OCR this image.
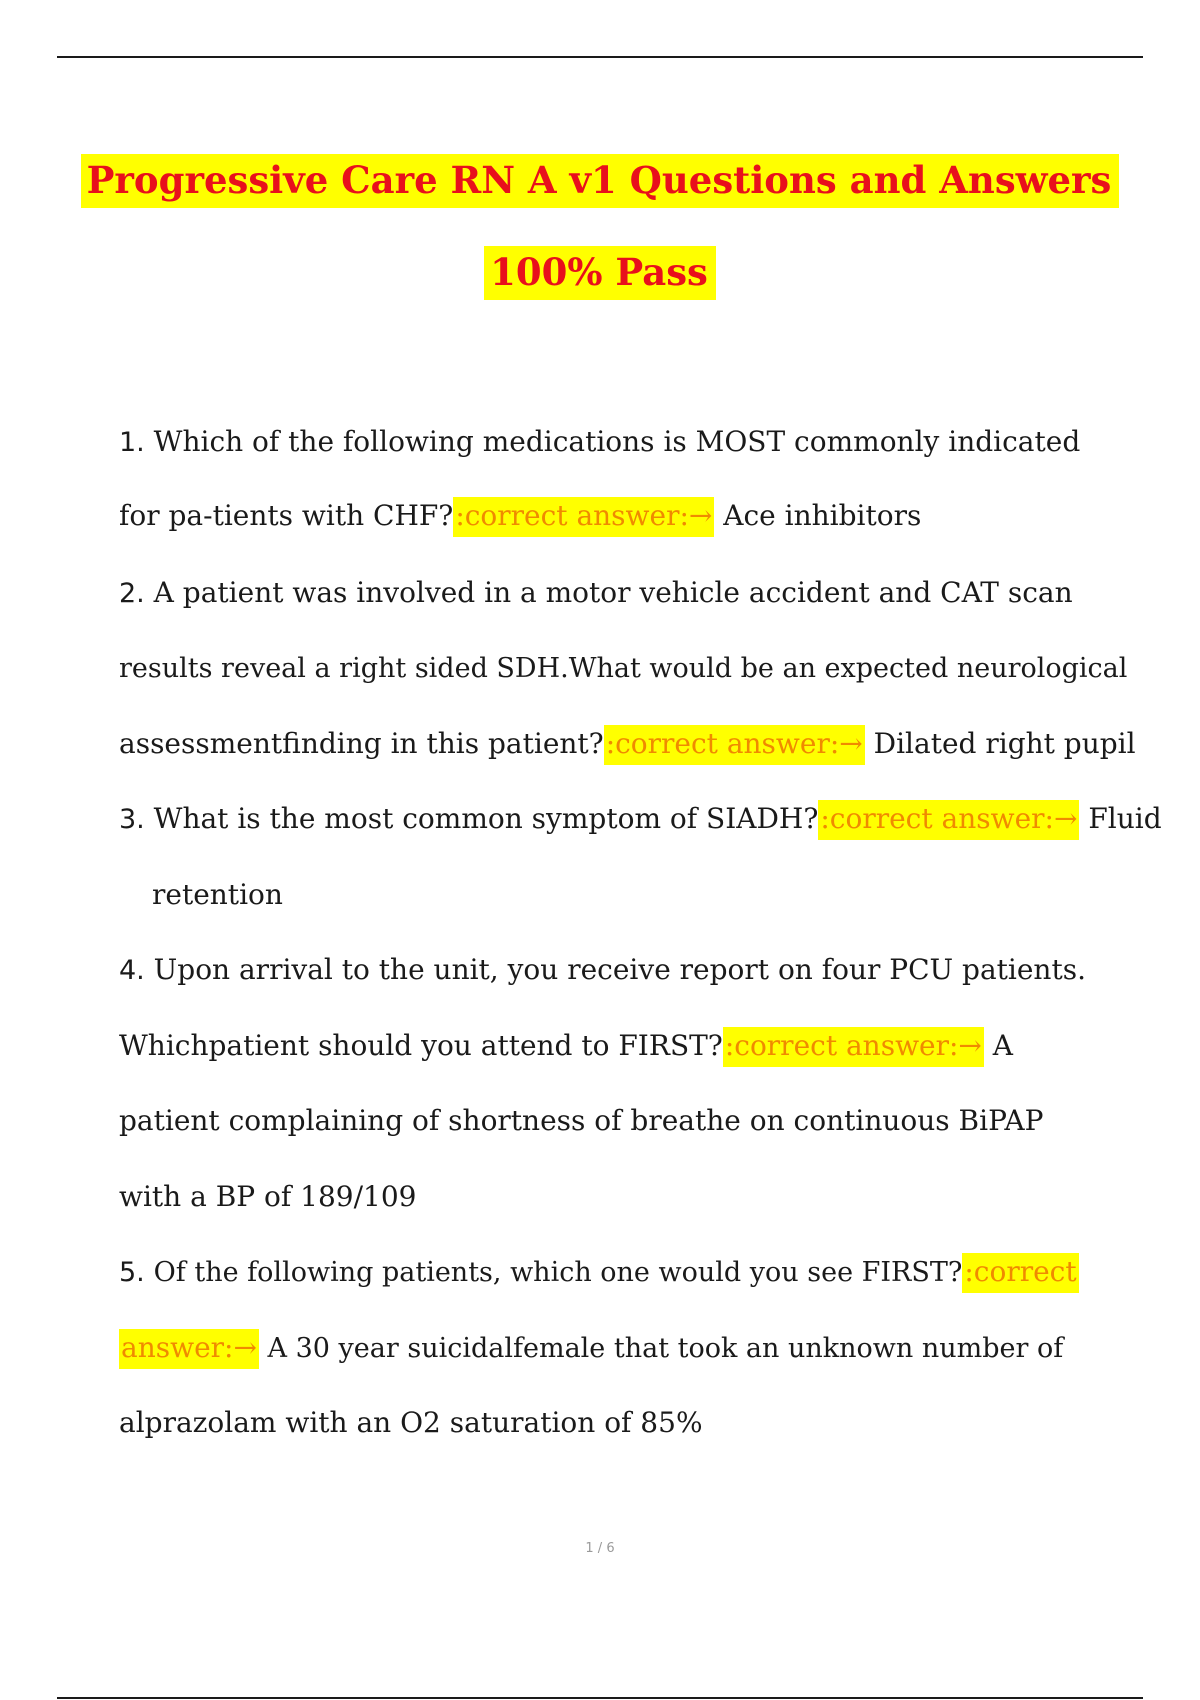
Progressive Care RN A v1 Questions and Answers
100% Pass
1. Which of the following medications is MOST commonly indicated
for pa-tients with CHF?:correct answer:→ Ace inhibitors
2. A patient was involved in a motor vehicle accident and CAT scan
results reveal a right sided SDH.What would be an expected neurological
assessmentfinding in this patient?:correct answer:→ Dilated right pupil
3. What is the most common symptom of SIADH?:correct answer:→ Fluid
retention
4. Upon arrival to the unit, you receive report on four PCU patients.
Whichpatient should you attend to FIRST?:correct answer:→ A
patient complaining of shortness of breathe on continuous BiPAP
with a BP of 189/109
5. Of the following patients, which one would you see FIRST?:correct
answer:→ A 30 year suicidalfemale that took an unknown number of
alprazolam with an O2 saturation of 85%
1 / 6
